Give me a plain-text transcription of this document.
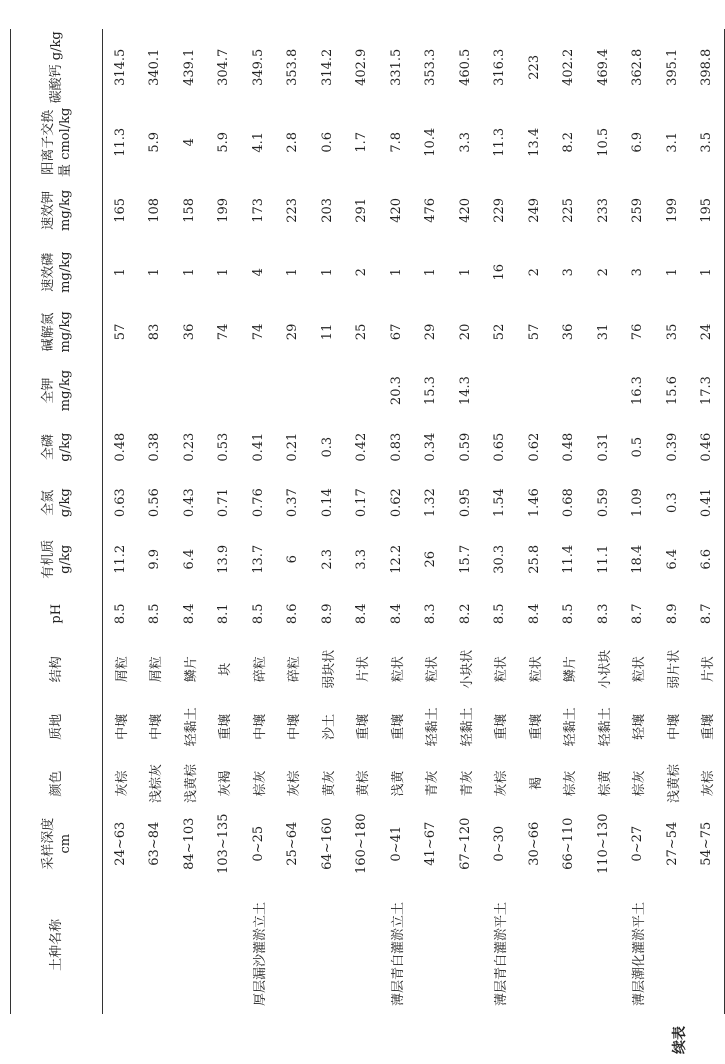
续表
土种名称	采样深度 cm	颜色	质地	结构	pH	有机质 g/kg	全氮 g/kg	全磷 g/kg	全钾 mg/kg	碱解氮 mg/kg	速效磷 mg/kg	速效钾 mg/kg	阳离子交换量 cmol/kg	碳酸钙 g/kg
	24~63	灰棕	中壤	屑粒	8.5	11.2	0.63	0.48		57	1	165	11.3	314.5
	63~84	浅棕灰	中壤	屑粒	8.5	9.9	0.56	0.38		83	1	108	5.9	340.1
	84~103	浅黄棕	轻黏土	鳞片	8.4	6.4	0.43	0.23		36	1	158	4	439.1
	103~135	灰褐	重壤	块	8.1	13.9	0.71	0.53		74	1	199	5.9	304.7
厚层漏沙灌淤立土	0~25	棕灰	中壤	碎粒	8.5	13.7	0.76	0.41		74	4	173	4.1	349.5
	25~64	灰棕	中壤	碎粒	8.6	6	0.37	0.21		29	1	223	2.8	353.8
	64~160	黄灰	沙土	弱块状	8.9	2.3	0.14	0.3		11	1	203	0.6	314.2
	160~180	黄棕	重壤	片状	8.4	3.3	0.17	0.42		25	2	291	1.7	402.9
薄层青白灌淤立土	0~41	浅黄	重壤	粒状	8.4	12.2	0.62	0.83	20.3	67	1	420	7.8	331.5
	41~67	青灰	轻黏土	粒状	8.3	26	1.32	0.34	15.3	29	1	476	10.4	353.3
	67~120	青灰	轻黏土	小块状	8.2	15.7	0.95	0.59	14.3	20	1	420	3.3	460.5
薄层青白灌淤平土	0~30	灰棕	重壤	粒状	8.5	30.3	1.54	0.65		52	16	229	11.3	316.3
	30~66	褐	重壤	粒状	8.4	25.8	1.46	0.62		57	2	249	13.4	223
	66~110	棕灰	轻黏土	鳞片	8.5	11.4	0.68	0.48		36	3	225	8.2	402.2
	110~130	棕黄	轻黏土	小状块	8.3	11.1	0.59	0.31		31	2	233	10.5	469.4
薄层潮化灌淤平土	0~27	棕灰	轻壤	粒状	8.7	18.4	1.09	0.5	16.3	76	3	259	6.9	362.8
	27~54	浅黄棕	中壤	弱片状	8.9	6.4	0.3	0.39	15.6	35	1	199	3.1	395.1
	54~75	灰棕	重壤	片状	8.7	6.6	0.41	0.46	17.3	24	1	195	3.5	398.8
